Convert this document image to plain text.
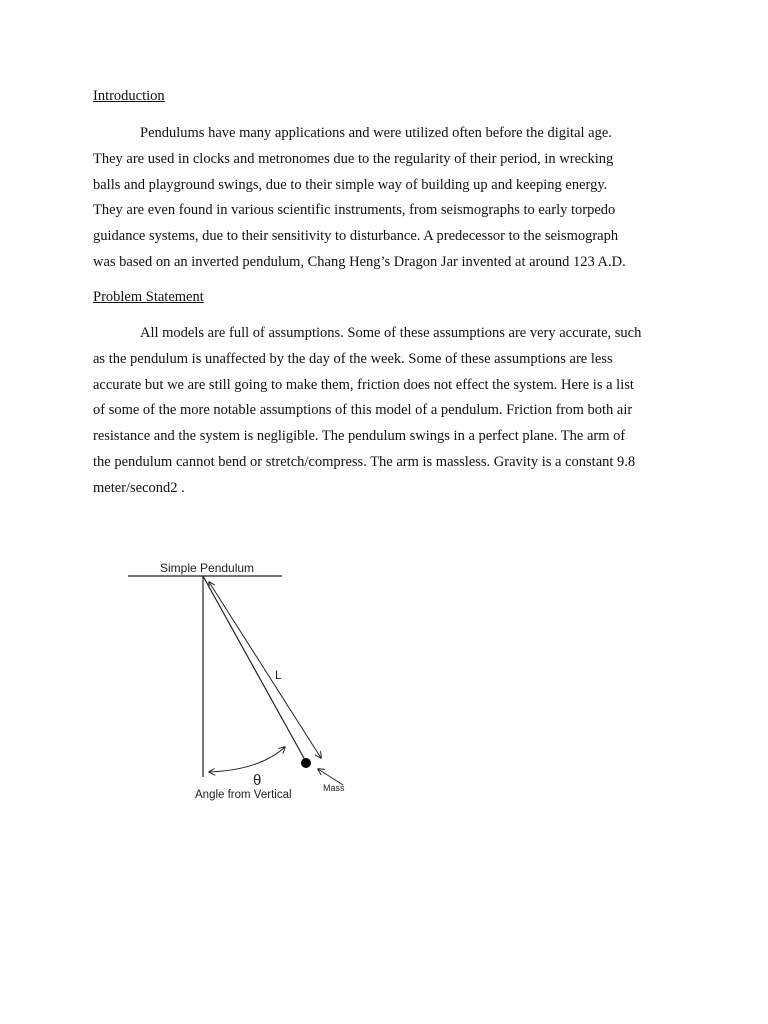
Introduction

Pendulums have many applications and were utilized often before the digital age.
They are used in clocks and metronomes due to the regularity of their period, in wrecking
balls and playground swings, due to their simple way of building up and keeping energy.
They are even found in various scientific instruments, from seismographs to early torpedo
guidance systems, due to their sensitivity to disturbance. A predecessor to the seismograph
was based on an inverted pendulum, Chang Heng’s Dragon Jar invented at around 123 A.D.

Problem Statement

All models are full of assumptions. Some of these assumptions are very accurate, such
as the pendulum is unaffected by the day of the week. Some of these assumptions are less
accurate but we are still going to make them, friction does not effect the system. Here is a list
of some of the more notable assumptions of this model of a pendulum. Friction from both air
resistance and the system is negligible. The pendulum swings in a perfect plane. The arm of
the pendulum cannot bend or stretch/compress. The arm is massless. Gravity is a constant 9.8
meter/second2 .

Simple Pendulum
L
θ
Angle from Vertical
Mass
